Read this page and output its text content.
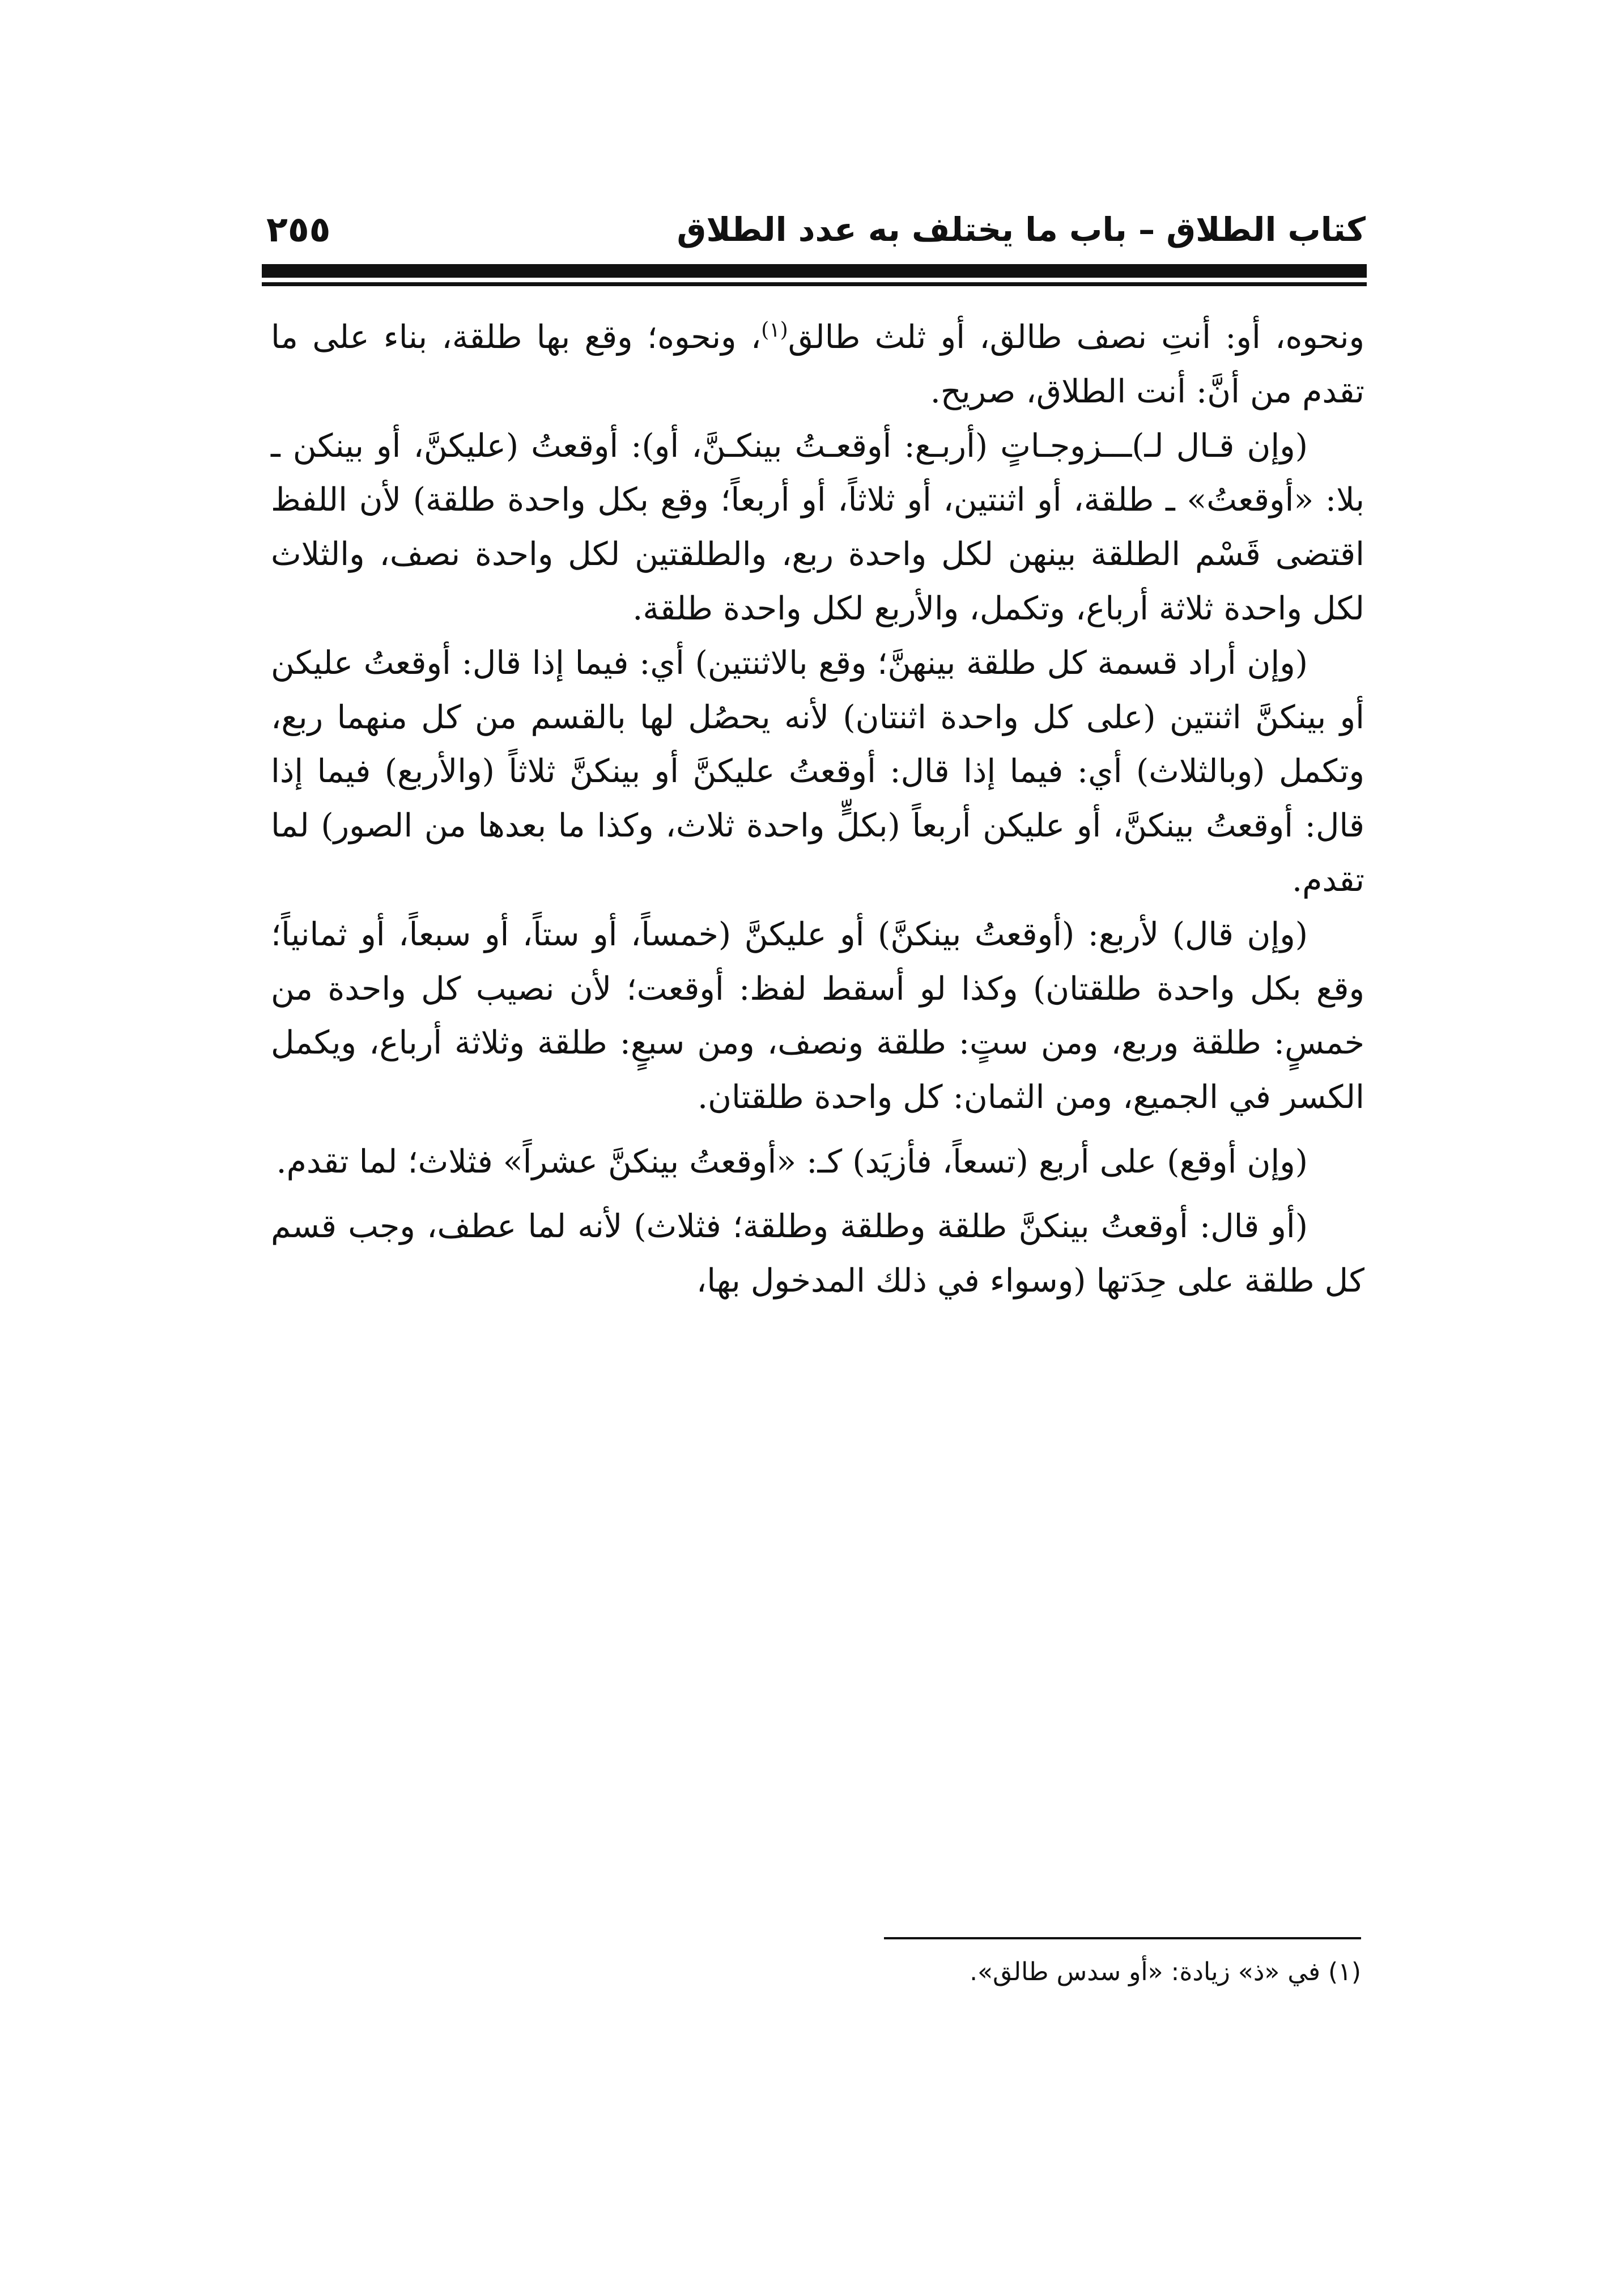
كتاب الطلاق – باب ما يختلف به عدد الطلاق
٢٥٥

ونحوه، أو: أنتِ نصف طالق، أو ثلث طالق$^{(١)}$، ونحوه؛ وقع بها طلقة، بناء على ما تقدم من أنَّ: أنت الطلاق، صريح.

(وإن قـال لـ)ـــزوجـاتٍ (أربـع: أوقعـتُ بينكـنَّ، أو): أوقعتُ (عليكنَّ، أو بينكن ـ بلا: «أوقعتُ» ـ طلقة، أو اثنتين، أو ثلاثاً، أو أربعاً؛ وقع بكل واحدة طلقة) لأن اللفظ اقتضى قَسْم الطلقة بينهن لكل واحدة ربع، والطلقتين لكل واحدة نصف، والثلاث لكل واحدة ثلاثة أرباع، وتكمل، والأربع لكل واحدة طلقة.

(وإن أراد قسمة كل طلقة بينهنَّ؛ وقع بالاثنتين) أي: فيما إذا قال: أوقعتُ عليكن أو بينكنَّ اثنتين (على كل واحدة اثنتان) لأنه يحصُل لها بالقسم من كل منهما ربع، وتكمل (وبالثلاث) أي: فيما إذا قال: أوقعتُ عليكنَّ أو بينكنَّ ثلاثاً (والأربع) فيما إذا قال: أوقعتُ بينكنَّ، أو عليكن أربعاً (بكلٍّ واحدة ثلاث، وكذا ما بعدها من الصور) لما تقدم.

(وإن قال) لأربع: (أوقعتُ بينكنَّ) أو عليكنَّ (خمساً، أو ستاً، أو سبعاً، أو ثمانياً؛ وقع بكل واحدة طلقتان) وكذا لو أسقط لفظ: أوقعت؛ لأن نصيب كل واحدة من خمسٍ: طلقة وربع، ومن ستٍ: طلقة ونصف، ومن سبعٍ: طلقة وثلاثة أرباع، ويكمل الكسر في الجميع، ومن الثمان: كل واحدة طلقتان.

(وإن أوقع) على أربع (تسعاً، فأزيَد) كـ: «أوقعتُ بينكنَّ عشراً» فثلاث؛ لما تقدم.

(أو قال: أوقعتُ بينكنَّ طلقة وطلقة وطلقة؛ فثلاث) لأنه لما عطف، وجب قسم كل طلقة على حِدَتها (وسواء في ذلك المدخول بها،

(١) في «ذ» زيادة: «أو سدس طالق».
